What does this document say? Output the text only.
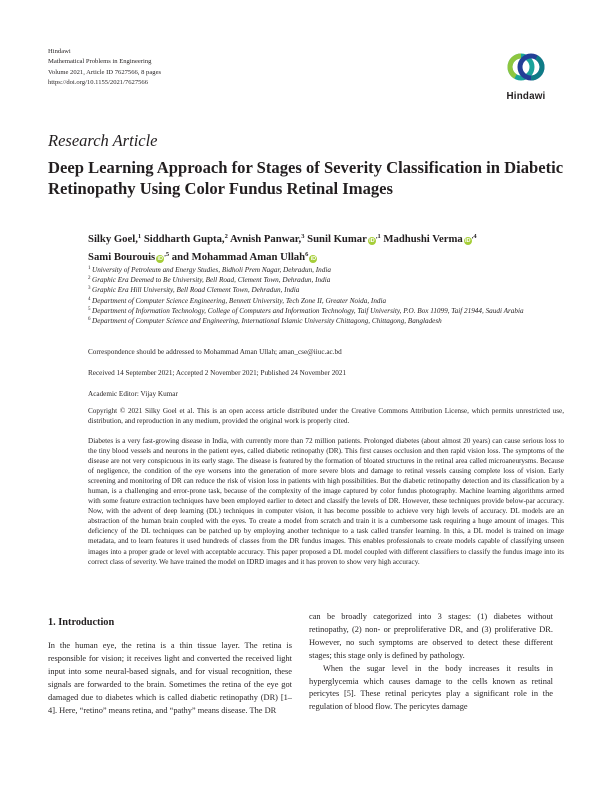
Hindawi
Mathematical Problems in Engineering
Volume 2021, Article ID 7627566, 8 pages
https://doi.org/10.1155/2021/7627566
Hindawi
Research Article
Deep Learning Approach for Stages of Severity Classification in Diabetic Retinopathy Using Color Fundus Retinal Images
Silky Goel,$^1$ Siddharth Gupta,$^2$ Avnish Panwar,$^3$ Sunil Kumar $iD^{,1}$ Madhushi Verma $iD^{,4}$
Sami Bourouis $iD^{,5}$ and Mohammad Aman Ullah$^6$iD
1 University of Petroleum and Energy Studies, Bidholi Prem Nagar, Dehradun, India
2 Graphic Era Deemed to Be University, Bell Road, Clement Town, Dehradun, India
3 Graphic Era Hill University, Bell Road Clement Town, Dehradun, India
4 Department of Computer Science Engineering, Bennett University, Tech Zone II, Greater Noida, India
5 Department of Information Technology, College of Computers and Information Technology, Taif University, P.O. Box 11099, Taif 21944, Saudi Arabia
6 Department of Computer Science and Engineering, International Islamic University Chittagong, Chittagong, Bangladesh
Correspondence should be addressed to Mohammad Aman Ullah; aman_cse@iiuc.ac.bd
Received 14 September 2021; Accepted 2 November 2021; Published 24 November 2021
Academic Editor: Vijay Kumar
Copyright © 2021 Silky Goel et al. This is an open access article distributed under the Creative Commons Attribution License, which permits unrestricted use, distribution, and reproduction in any medium, provided the original work is properly cited.
Diabetes is a very fast-growing disease in India, with currently more than 72 million patients. Prolonged diabetes (about almost 20 years) can cause serious loss to the tiny blood vessels and neurons in the patient eyes, called diabetic retinopathy (DR). This first causes occlusion and then rapid vision loss. The symptoms of the disease are not very conspicuous in its early stage. The disease is featured by the formation of bloated structures in the retinal area called microaneurysms. Because of negligence, the condition of the eye worsens into the generation of more severe blots and damage to retinal vessels causing complete loss of vision. Early screening and monitoring of DR can reduce the risk of vision loss in patients with high possibilities. But the diabetic retinopathy detection and its classification by a human, is a challenging and error-prone task, because of the complexity of the image captured by color fundus photography. Machine learning algorithms armed with some feature extraction techniques have been employed earlier to detect and classify the levels of DR. However, these techniques provide below-par accuracy. Now, with the advent of deep learning (DL) techniques in computer vision, it has become possible to achieve very high levels of accuracy. DL models are an abstraction of the human brain coupled with the eyes. To create a model from scratch and train it is a cumbersome task requiring a huge amount of images. This deficiency of the DL techniques can be patched up by employing another technique to a task called transfer learning. In this, a DL model is trained on image metadata, and to learn features it used hundreds of classes from the DR fundus images. This enables professionals to create models capable of classifying unseen images into a proper grade or level with acceptable accuracy. This paper proposed a DL model coupled with different classifiers to classify the fundus image into its correct class of severity. We have trained the model on IDRD images and it has proven to show very high accuracy.
1. Introduction

In the human eye, the retina is a thin tissue layer. The retina is responsible for vision; it receives light and converted the received light input into some neural-based signals, and for visual recognition, these signals are forwarded to the brain. Sometimes the retina of the eye got damaged due to diabetes which is called diabetic retinopathy (DR) [1–4]. Here, “retino” means retina, and “pathy” means disease. The DR

can be broadly categorized into 3 stages: (1) diabetes without retinopathy, (2) non- or preproliferative DR, and (3) proliferative DR. However, no such symptoms are observed to detect these different stages; this stage only is defined by pathology.

When the sugar level in the body increases it results in hyperglycemia which causes damage to the cells known as retinal pericytes [5]. These retinal pericytes play a significant role in the regulation of blood flow. The pericytes damage
